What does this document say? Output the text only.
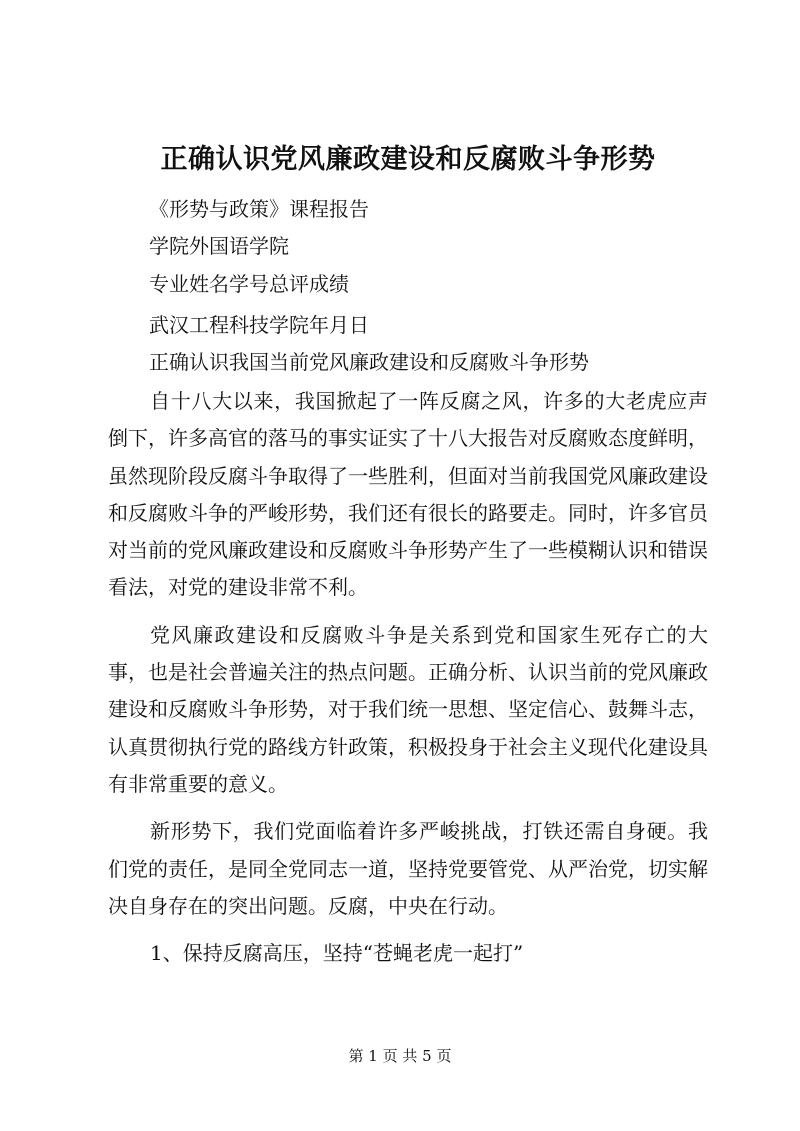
正确认识党风廉政建设和反腐败斗争形势
《形势与政策》课程报告
学院外国语学院
专业姓名学号总评成绩
武汉工程科技学院年月日
正确认识我国当前党风廉政建设和反腐败斗争形势

自十八大以来，我国掀起了一阵反腐之风，许多的大老虎应声倒下，许多高官的落马的事实证实了十八大报告对反腐败态度鲜明，虽然现阶段反腐斗争取得了一些胜利，但面对当前我国党风廉政建设和反腐败斗争的严峻形势，我们还有很长的路要走。同时，许多官员对当前的党风廉政建设和反腐败斗争形势产生了一些模糊认识和错误看法，对党的建设非常不利。

党风廉政建设和反腐败斗争是关系到党和国家生死存亡的大事，也是社会普遍关注的热点问题。正确分析、认识当前的党风廉政建设和反腐败斗争形势，对于我们统一思想、坚定信心、鼓舞斗志，认真贯彻执行党的路线方针政策，积极投身于社会主义现代化建设具有非常重要的意义。

新形势下，我们党面临着许多严峻挑战，打铁还需自身硬。我们党的责任，是同全党同志一道，坚持党要管党、从严治党，切实解决自身存在的突出问题。反腐，中央在行动。

1、保持反腐高压，坚持“苍蝇老虎一起打”

第 1 页 共 5 页
